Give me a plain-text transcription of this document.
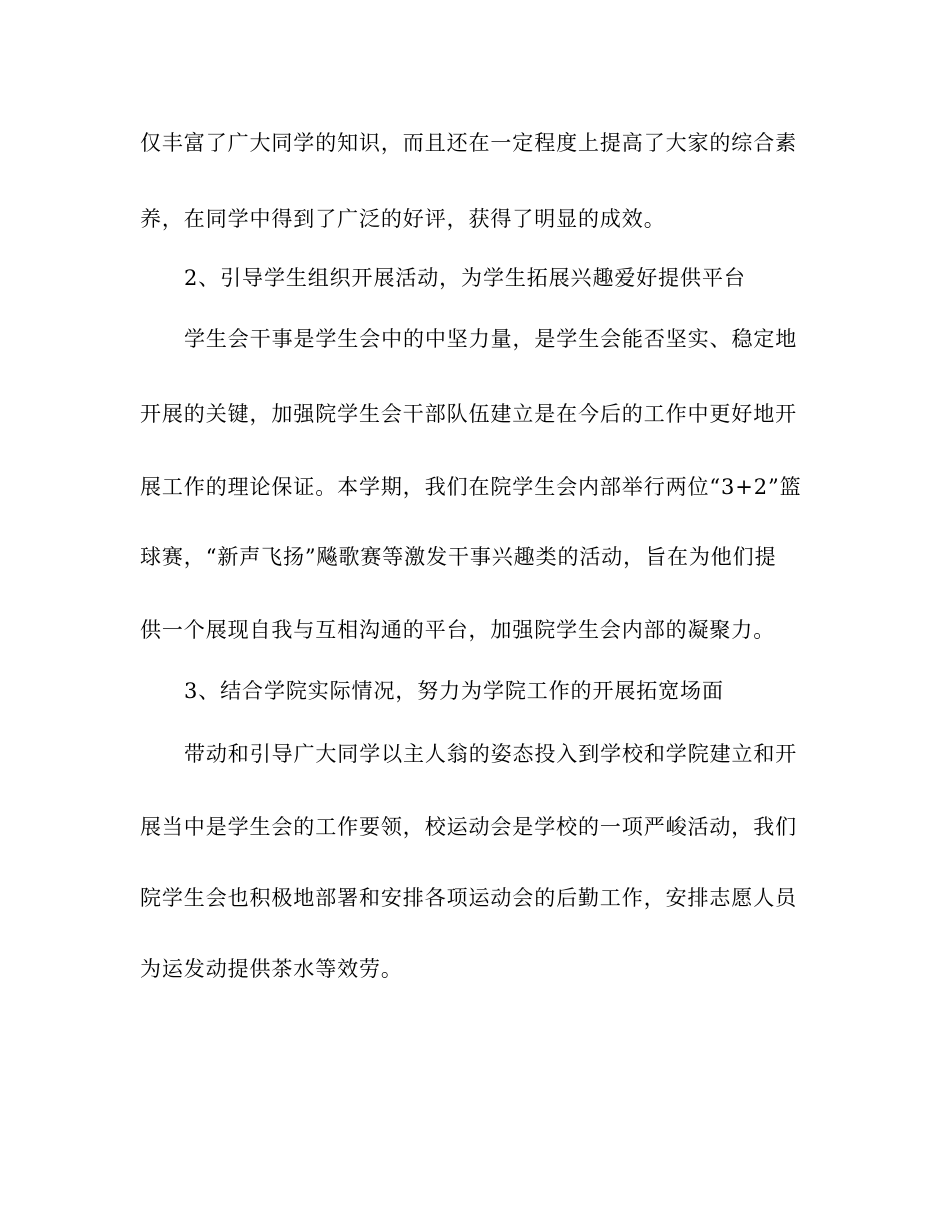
仅丰富了广大同学的知识，而且还在一定程度上提高了大家的综合素
养，在同学中得到了广泛的好评，获得了明显的成效。
2、引导学生组织开展活动，为学生拓展兴趣爱好提供平台
学生会干事是学生会中的中坚力量，是学生会能否坚实、稳定地
开展的关键，加强院学生会干部队伍建立是在今后的工作中更好地开
展工作的理论保证。本学期，我们在院学生会内部举行两位“3+2”篮
球赛，“新声飞扬”飚歌赛等激发干事兴趣类的活动，旨在为他们提
供一个展现自我与互相沟通的平台，加强院学生会内部的凝聚力。
3、结合学院实际情况，努力为学院工作的开展拓宽场面
带动和引导广大同学以主人翁的姿态投入到学校和学院建立和开
展当中是学生会的工作要领，校运动会是学校的一项严峻活动，我们
院学生会也积极地部署和安排各项运动会的后勤工作，安排志愿人员
为运发动提供茶水等效劳。
